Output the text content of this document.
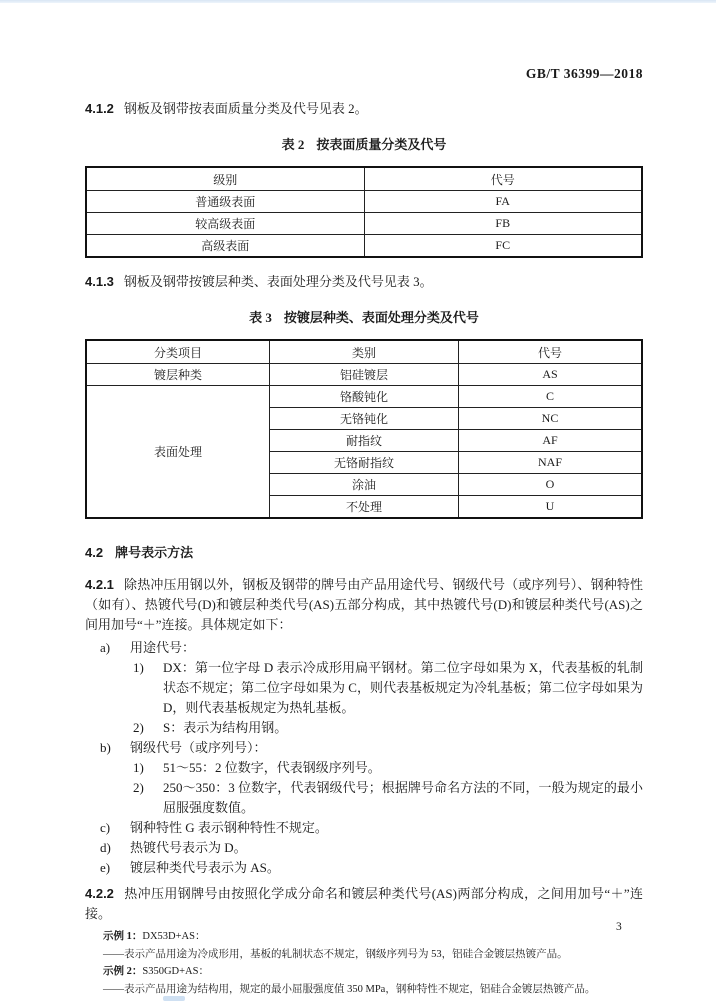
GB/T 36399—2018

4.1.2 钢板及钢带按表面质量分类及代号见表 2。

表 2 按表面质量分类及代号
级别	代号
普通级表面	FA
较高级表面	FB
高级表面	FC

4.1.3 钢板及钢带按镀层种类、表面处理分类及代号见表 3。

表 3 按镀层种类、表面处理分类及代号
分类项目	类别	代号
镀层种类	铝硅镀层	AS
表面处理	铬酸钝化	C
	无铬钝化	NC
	耐指纹	AF
	无铬耐指纹	NAF
	涂油	O
	不处理	U
4.2 牌号表示方法

4.2.1 除热冲压用钢以外，钢板及钢带的牌号由产品用途代号、钢级代号（或序列号）、钢种特性（如有）、热镀代号(D)和镀层种类代号(AS)五部分构成，其中热镀代号(D)和镀层种类代号(AS)之间用加号“＋”连接。具体规定如下：

a)	用途代号：
1)	DX：第一位字母 D 表示冷成形用扁平钢材。第二位字母如果为 X，代表基板的轧制状态不规定；第二位字母如果为 C，则代表基板规定为冷轧基板；第二位字母如果为 D，则代表基板规定为热轧基板。
2)	S：表示为结构用钢。
b)	钢级代号（或序列号）：
1)	51～55：2 位数字，代表钢级序列号。
2)	250～350：3 位数字，代表钢级代号；根据牌号命名方法的不同，一般为规定的最小屈服强度数值。
c)	钢种特性 G 表示钢种特性不规定。
d)	热镀代号表示为 D。
e)	镀层种类代号表示为 AS。

4.2.2 热冲压用钢牌号由按照化学成分命名和镀层种类代号(AS)两部分构成，之间用加号“＋”连接。

示例 1：DX53D+AS：
——表示产品用途为冷成形用，基板的轧制状态不规定，钢级序列号为 53，铝硅合金镀层热镀产品。
示例 2：S350GD+AS：
——表示产品用途为结构用，规定的最小屈服强度值 350 MPa，钢种特性不规定，铝硅合金镀层热镀产品。
3
